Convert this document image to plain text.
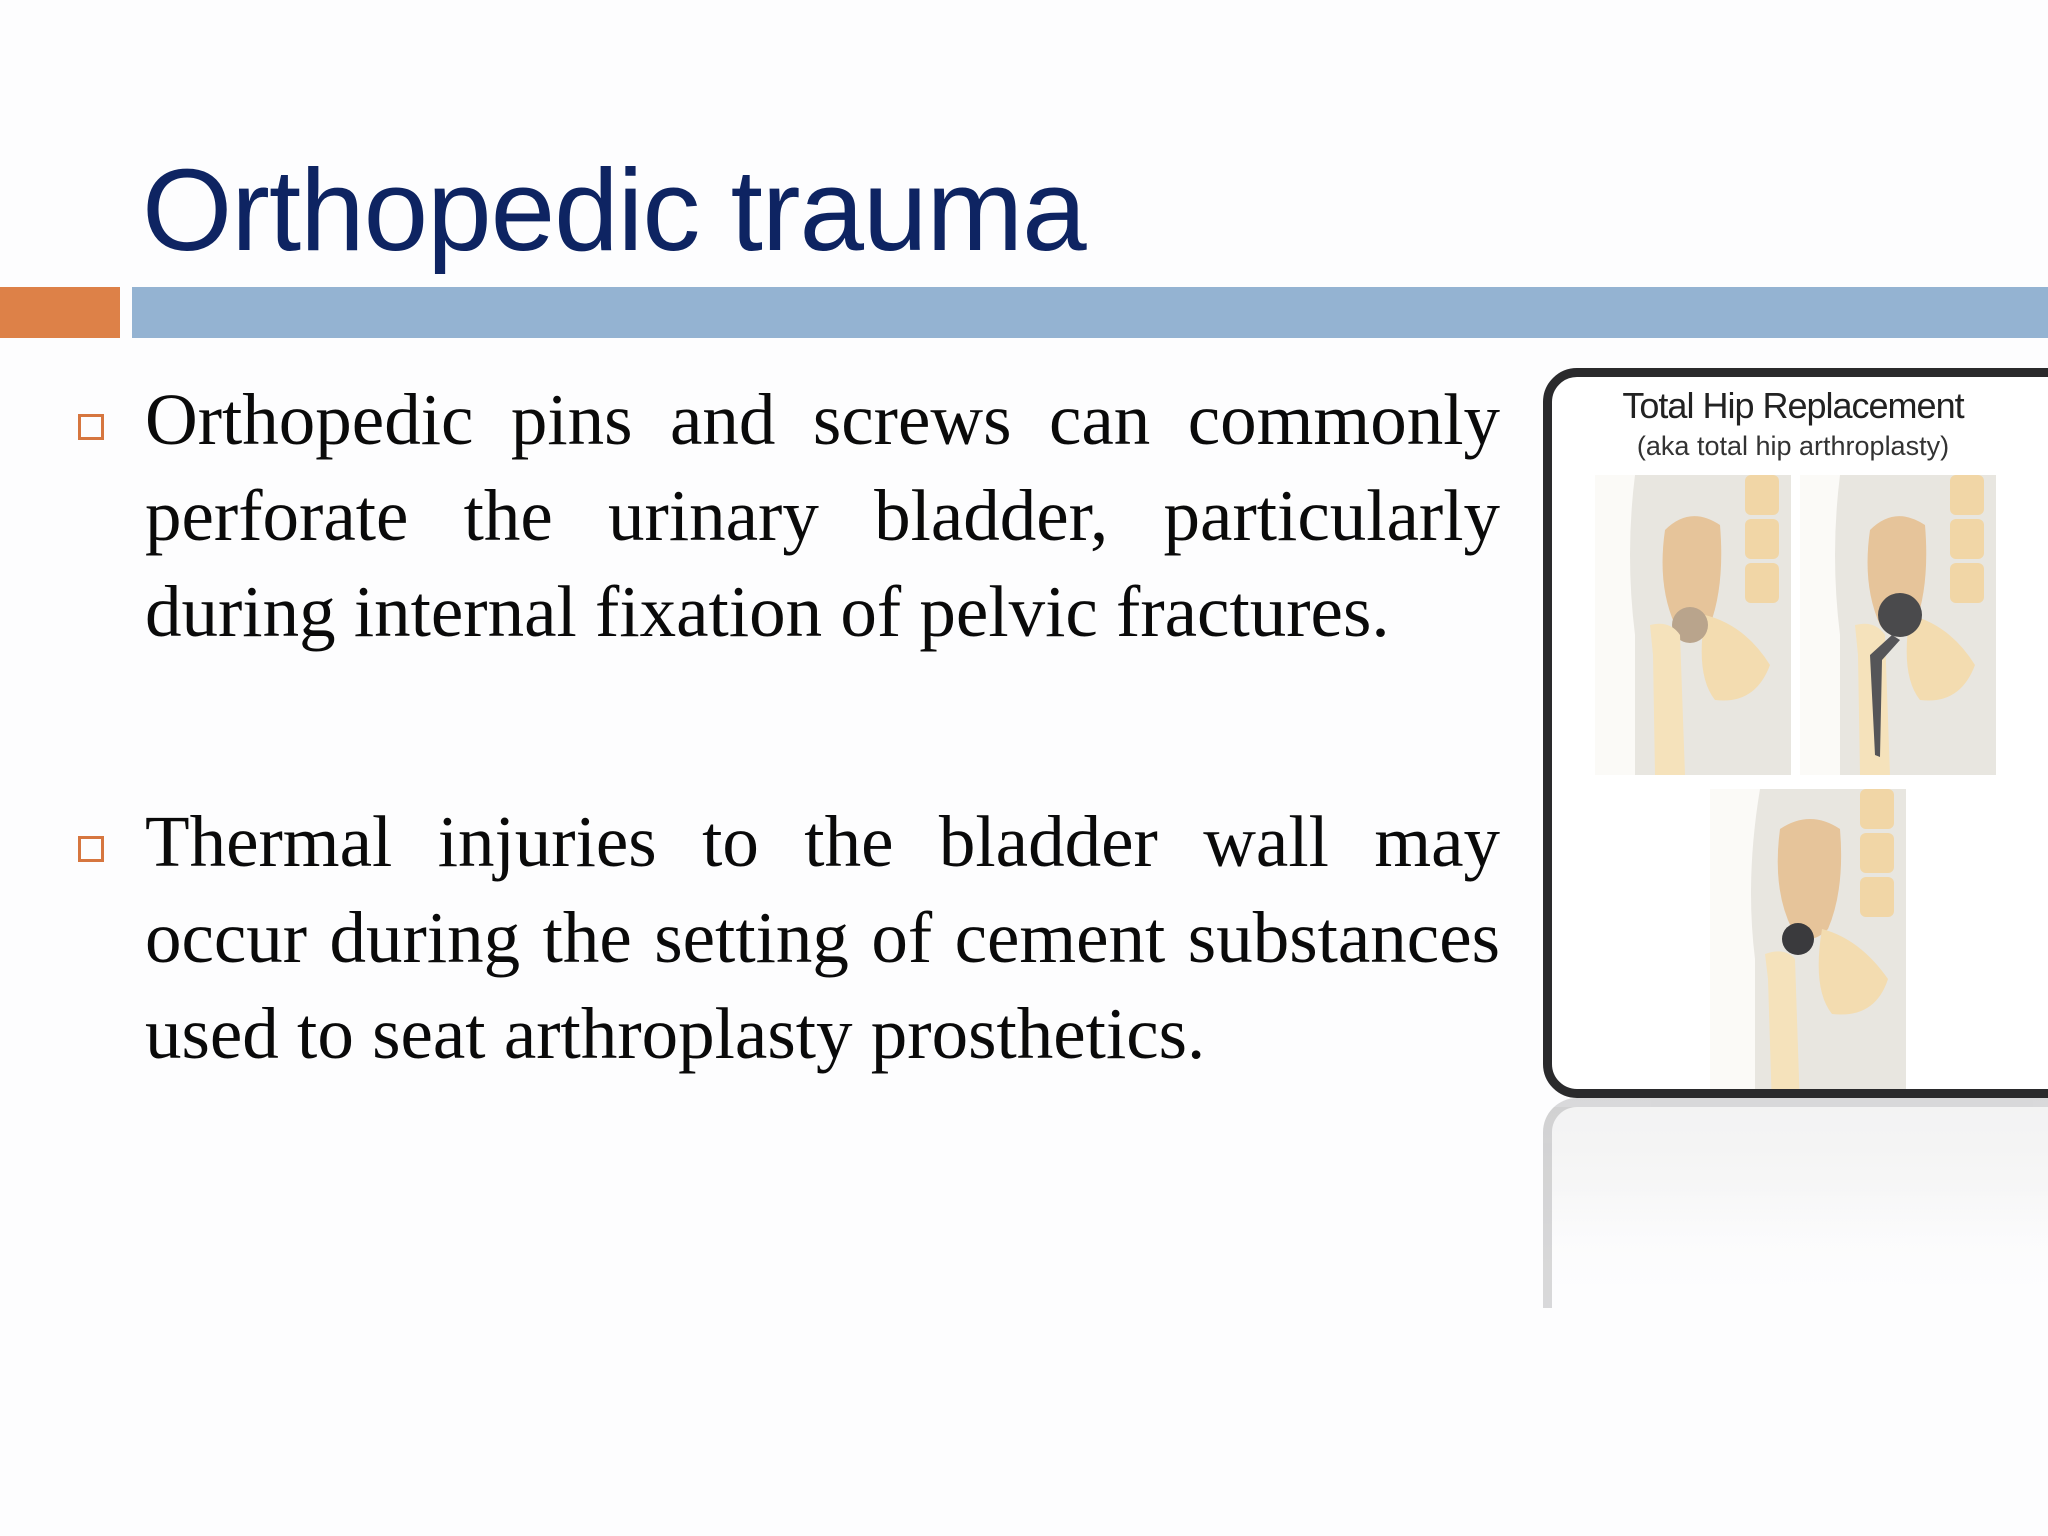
Orthopedic trauma
Orthopedic pins and screws can commonly perforate the urinary bladder, particularly during internal fixation of pelvic fractures.
Thermal injuries to the bladder wall may occur during the setting of cement substances used to seat arthroplasty prosthetics.
Total Hip Replacement
(aka total hip arthroplasty)
